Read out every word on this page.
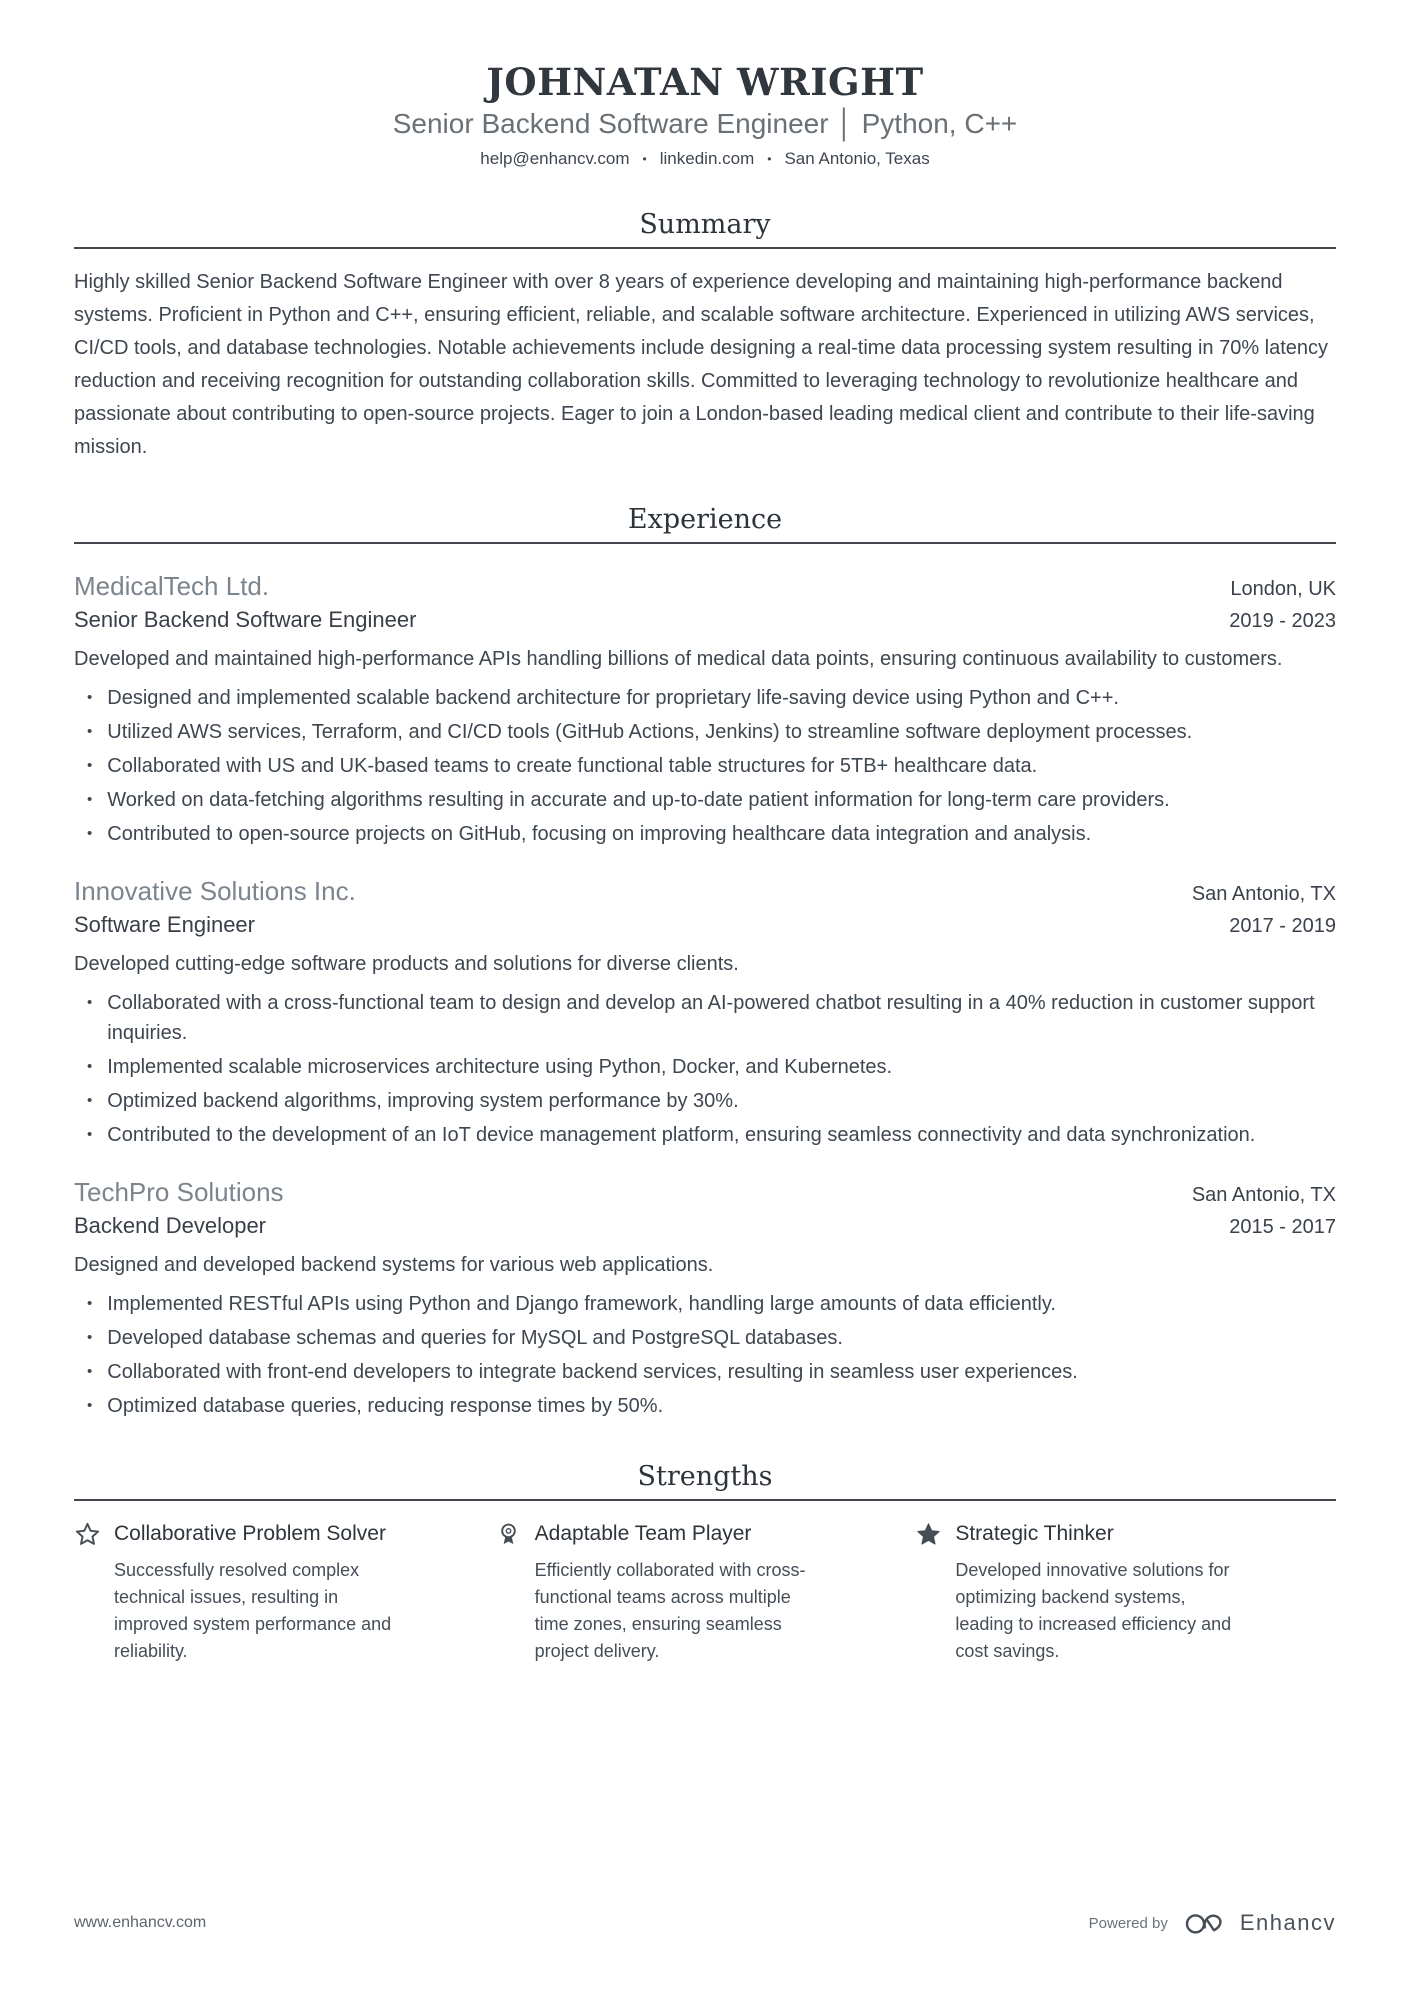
JOHNATAN WRIGHT
Senior Backend Software Engineer │ Python, C++
help@enhancv.com • linkedin.com • San Antonio, Texas
Summary
Highly skilled Senior Backend Software Engineer with over 8 years of experience developing and maintaining high-performance backend systems. Proficient in Python and C++, ensuring efficient, reliable, and scalable software architecture. Experienced in utilizing AWS services, CI/CD tools, and database technologies. Notable achievements include designing a real-time data processing system resulting in 70% latency reduction and receiving recognition for outstanding collaboration skills. Committed to leveraging technology to revolutionize healthcare and passionate about contributing to open-source projects. Eager to join a London-based leading medical client and contribute to their life-saving mission.
Experience
MedicalTech Ltd.	London, UK
Senior Backend Software Engineer	2019 - 2023
Developed and maintained high-performance APIs handling billions of medical data points, ensuring continuous availability to customers.
• Designed and implemented scalable backend architecture for proprietary life-saving device using Python and C++.
• Utilized AWS services, Terraform, and CI/CD tools (GitHub Actions, Jenkins) to streamline software deployment processes.
• Collaborated with US and UK-based teams to create functional table structures for 5TB+ healthcare data.
• Worked on data-fetching algorithms resulting in accurate and up-to-date patient information for long-term care providers.
• Contributed to open-source projects on GitHub, focusing on improving healthcare data integration and analysis.
Innovative Solutions Inc.	San Antonio, TX
Software Engineer	2017 - 2019
Developed cutting-edge software products and solutions for diverse clients.
• Collaborated with a cross-functional team to design and develop an AI-powered chatbot resulting in a 40% reduction in customer support inquiries.
• Implemented scalable microservices architecture using Python, Docker, and Kubernetes.
• Optimized backend algorithms, improving system performance by 30%.
• Contributed to the development of an IoT device management platform, ensuring seamless connectivity and data synchronization.
TechPro Solutions	San Antonio, TX
Backend Developer	2015 - 2017
Designed and developed backend systems for various web applications.
• Implemented RESTful APIs using Python and Django framework, handling large amounts of data efficiently.
• Developed database schemas and queries for MySQL and PostgreSQL databases.
• Collaborated with front-end developers to integrate backend services, resulting in seamless user experiences.
• Optimized database queries, reducing response times by 50%.
Strengths
Collaborative Problem Solver
Successfully resolved complex technical issues, resulting in improved system performance and reliability.
Adaptable Team Player
Efficiently collaborated with cross-functional teams across multiple time zones, ensuring seamless project delivery.
Strategic Thinker
Developed innovative solutions for optimizing backend systems, leading to increased efficiency and cost savings.
www.enhancv.com	Powered by	Enhancv
